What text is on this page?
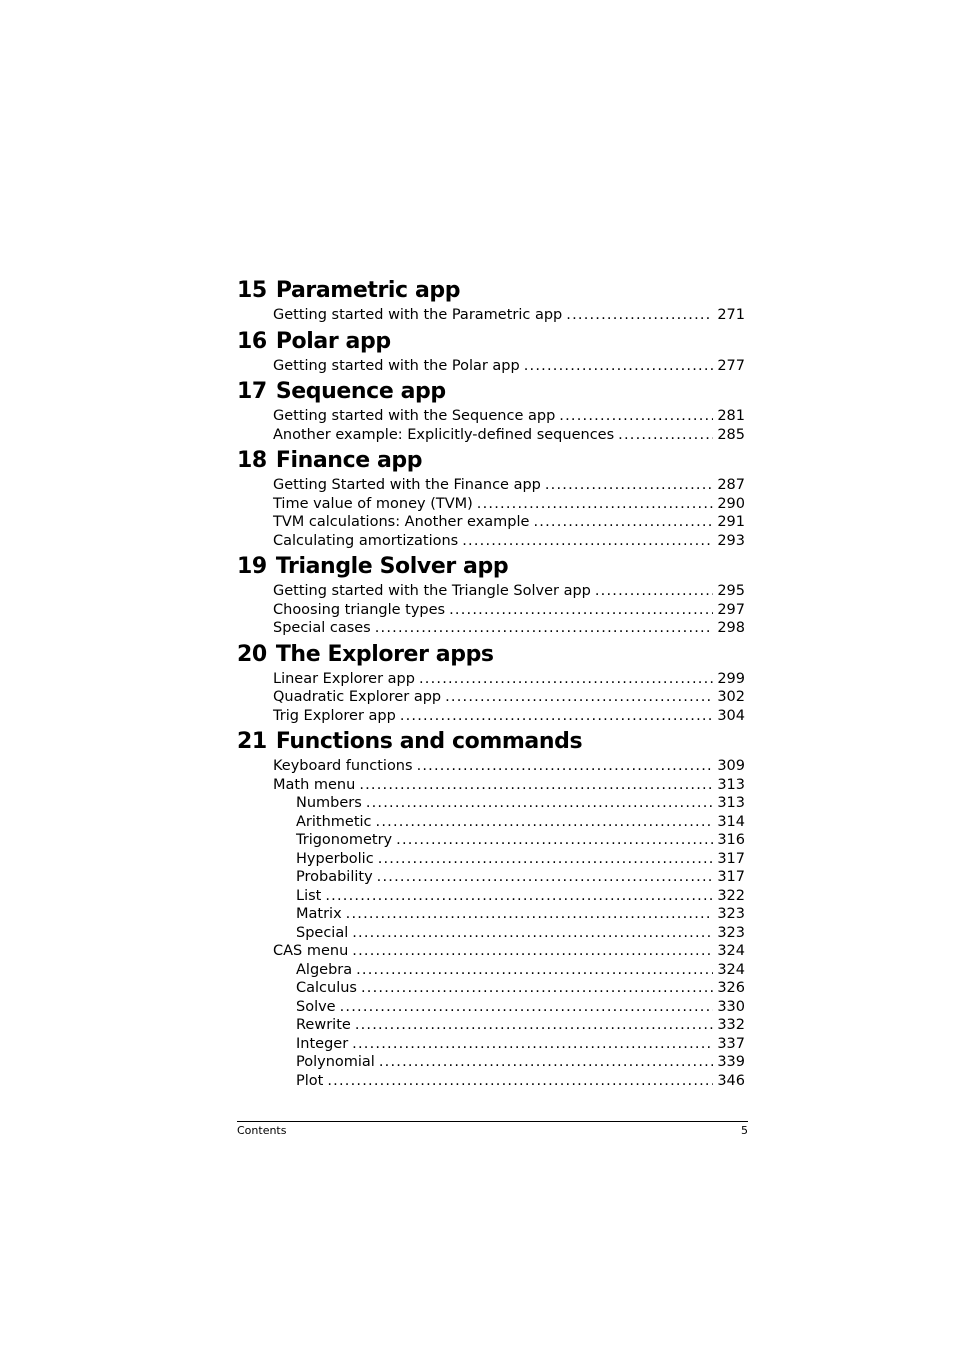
15 Parametric app
Getting started with the Parametric app .....	271
16 Polar app
Getting started with the Polar app .....	277
17 Sequence app
Getting started with the Sequence app .....	281
Another example: Explicitly-defined sequences .....	285
18 Finance app
Getting Started with the Finance app .....	287
Time value of money (TVM) .....	290
TVM calculations: Another example .....	291
Calculating amortizations .....	293
19 Triangle Solver app
Getting started with the Triangle Solver app .....	295
Choosing triangle types .....	297
Special cases .....	298
20 The Explorer apps
Linear Explorer app .....	299
Quadratic Explorer app .....	302
Trig Explorer app .....	304
21 Functions and commands
Keyboard functions .....	309
Math menu .....	313
Numbers .....	313
Arithmetic .....	314
Trigonometry .....	316
Hyperbolic .....	317
Probability .....	317
List .....	322
Matrix .....	323
Special .....	323
CAS menu .....	324
Algebra .....	324
Calculus .....	326
Solve .....	330
Rewrite .....	332
Integer .....	337
Polynomial .....	339
Plot .....	346
Contents	5
